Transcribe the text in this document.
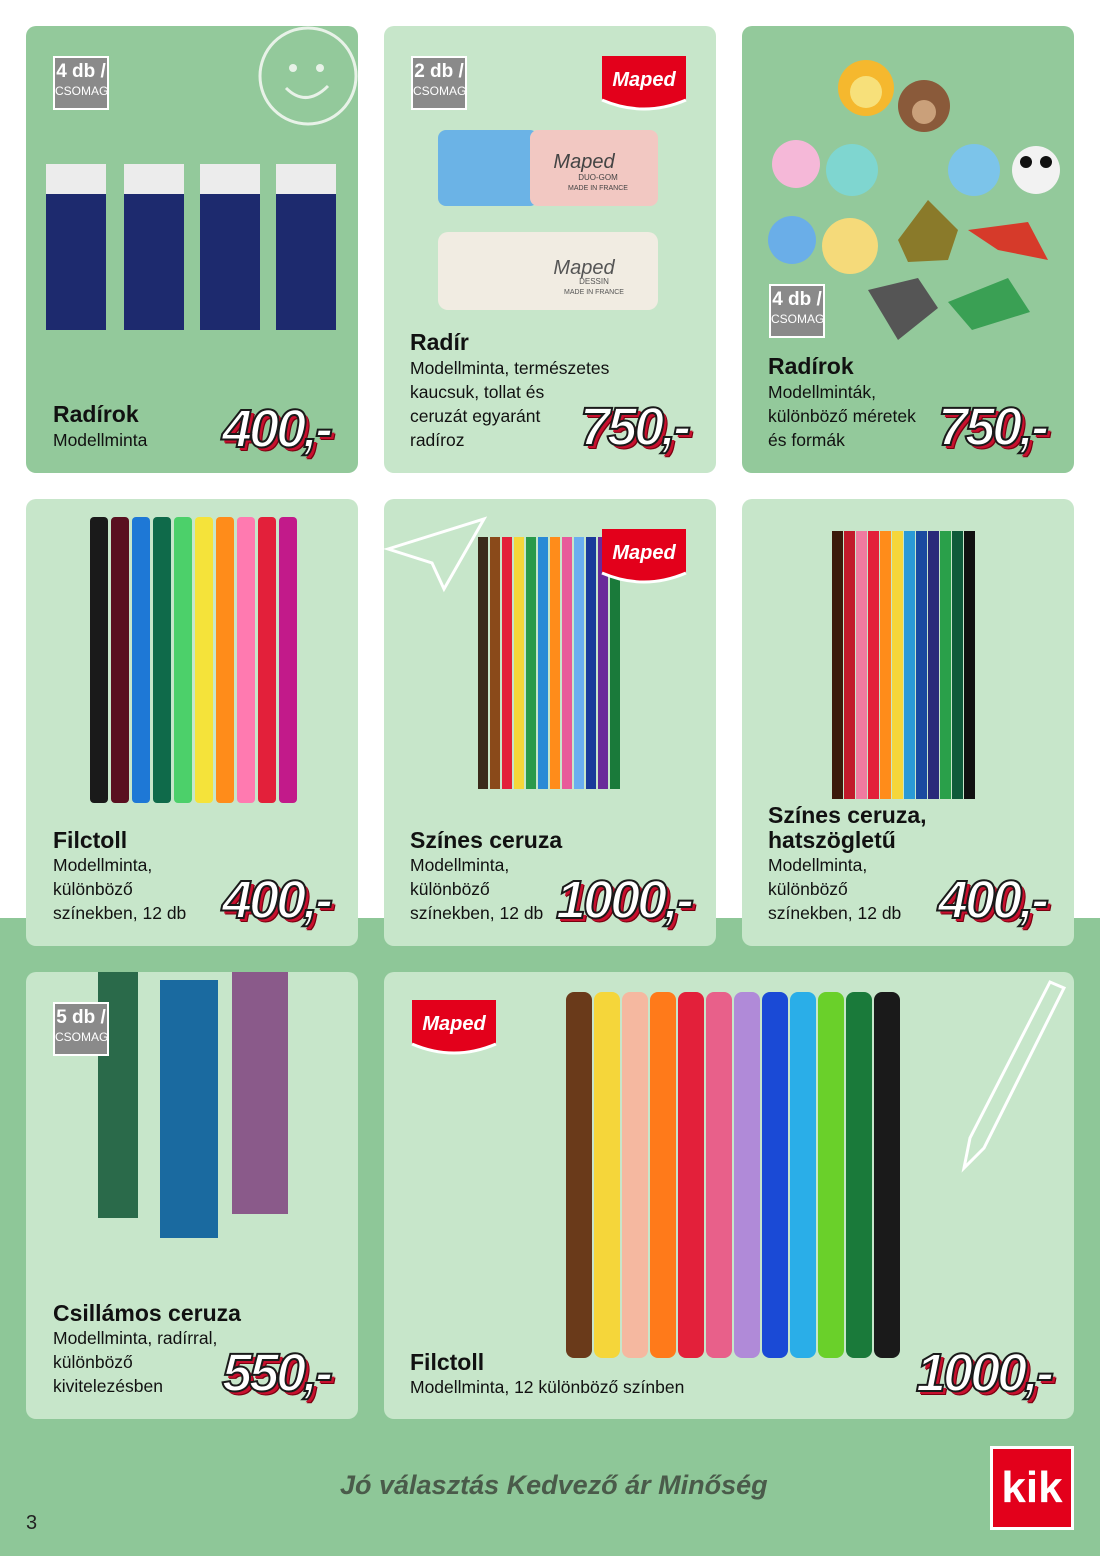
4 db /
CSOMAG
Radírok
Modellminta 400,-
2 db /
CSOMAG	Maped
Maped
DUO-GOM
MADE IN FRANCE
Maped
DESSIN
MADE IN FRANCE
Radír
Modellminta, természetes
kaucsuk, tollat és
ceruzát egyaránt
radíroz	750,-
4 db /
CSOMAG
Radírok
Modellminták,
különböző méretek
és formák	750,-
Filctoll
Modellminta,
különböző
színekben, 12 db 400,-
Maped
Színes ceruza
Modellminta,
különböző
színekben, 12 db 1000,-
Színes ceruza,
hatszögletű
Modellminta,
különböző
színekben, 12 db 400,-
5 db /
CSOMAG
Csillámos ceruza
Modellminta, radírral,
különböző
kivitelezésben	550,-
Maped
Filctoll
Modellminta, 12 különböző színben	1000,-
Jó választás Kedvező ár Minőség
3
kik
